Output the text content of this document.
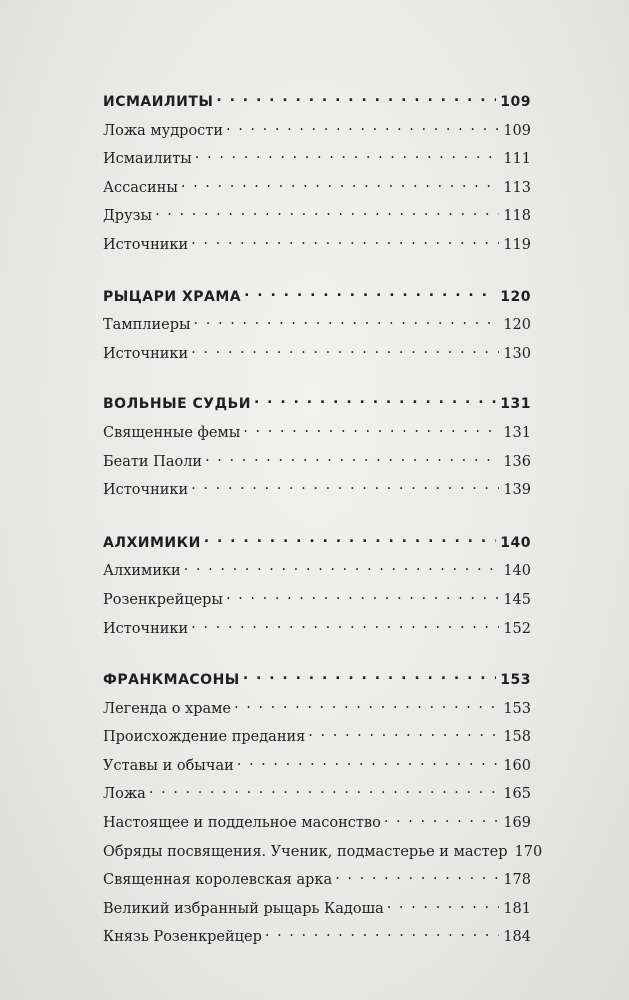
ИСМАИЛИТЫ . . .	109
Ложа мудрости . . .	109
Исмаилиты . . .	111
Ассасины . . .	113
Друзы . . .	118
Источники . . .	119
РЫЦАРИ ХРАМА . . .	120
Тамплиеры . . .	120
Источники . . .	130
ВОЛЬНЫЕ СУДЬИ . . .	131
Священные фемы . . .	131
Беати Паоли . . .	136
Источники . . .	139
АЛХИМИКИ . . .	140
Алхимики . . .	140
Розенкрейцеры . . .	145
Источники . . .	152
ФРАНКМАСОНЫ . . .	153
Легенда о храме . . .	153
Происхождение предания . . .	158
Уставы и обычаи . . .	160
Ложа . . .	165
Настоящее и поддельное масонство . . .	169
Обряды посвящения. Ученик, подмастерье и мастер 170
Священная королевская арка . . .	178
Великий избранный рыцарь Кадоша . . .	181
Князь Розенкрейцер . . .	184
